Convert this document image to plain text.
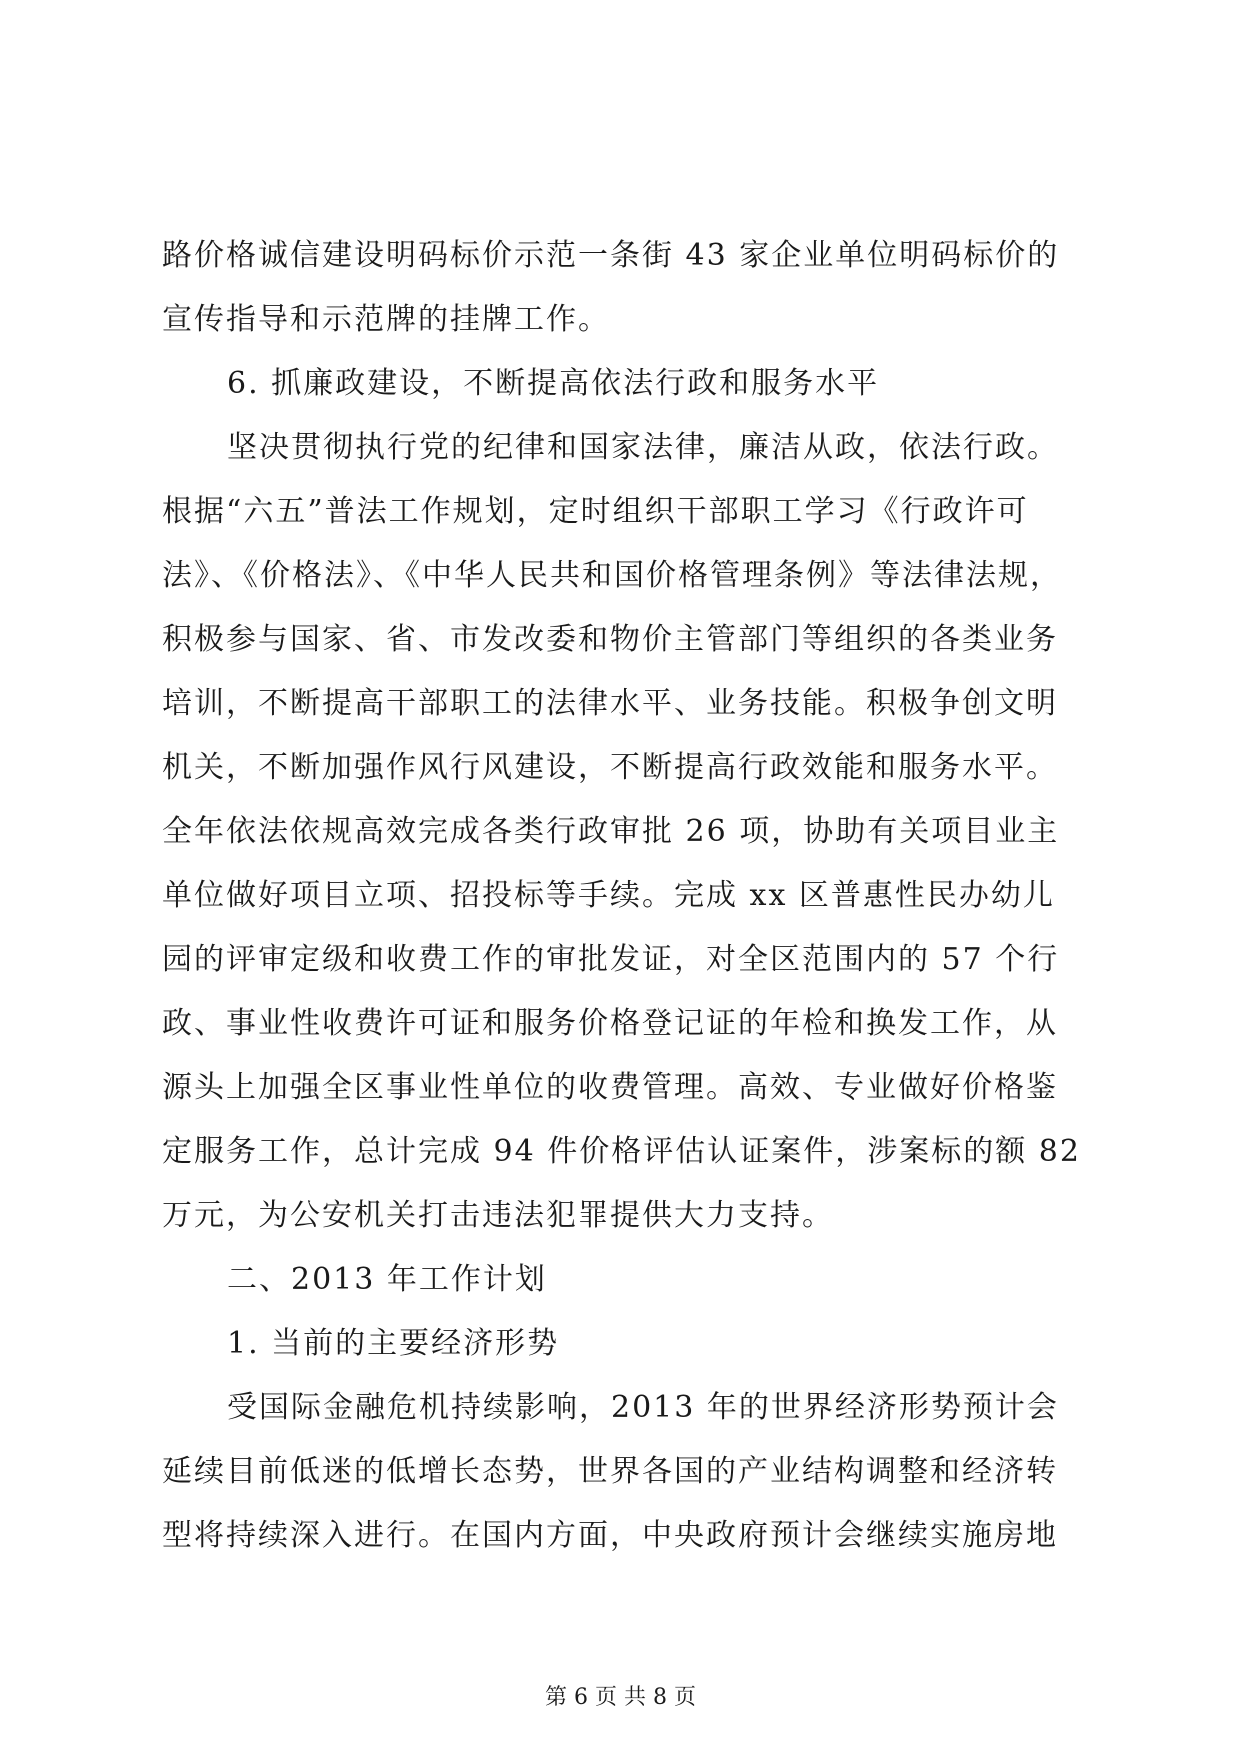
路价格诚信建设明码标价示范一条街 43 家企业单位明码标价的
宣传指导和示范牌的挂牌工作。
6. 抓廉政建设，不断提高依法行政和服务水平
坚决贯彻执行党的纪律和国家法律，廉洁从政，依法行政。
根据“六五”普法工作规划，定时组织干部职工学习《行政许可
法》、《价格法》、《中华人民共和国价格管理条例》等法律法规，
积极参与国家、省、市发改委和物价主管部门等组织的各类业务
培训，不断提高干部职工的法律水平、业务技能。积极争创文明
机关，不断加强作风行风建设，不断提高行政效能和服务水平。
全年依法依规高效完成各类行政审批 26 项，协助有关项目业主
单位做好项目立项、招投标等手续。完成 xx 区普惠性民办幼儿
园的评审定级和收费工作的审批发证，对全区范围内的 57 个行
政、事业性收费许可证和服务价格登记证的年检和换发工作，从
源头上加强全区事业性单位的收费管理。高效、专业做好价格鉴
定服务工作，总计完成 94 件价格评估认证案件，涉案标的额 82
万元，为公安机关打击违法犯罪提供大力支持。
二、2013 年工作计划
1. 当前的主要经济形势
受国际金融危机持续影响，2013 年的世界经济形势预计会
延续目前低迷的低增长态势，世界各国的产业结构调整和经济转
型将持续深入进行。在国内方面，中央政府预计会继续实施房地
第 6 页 共 8 页
